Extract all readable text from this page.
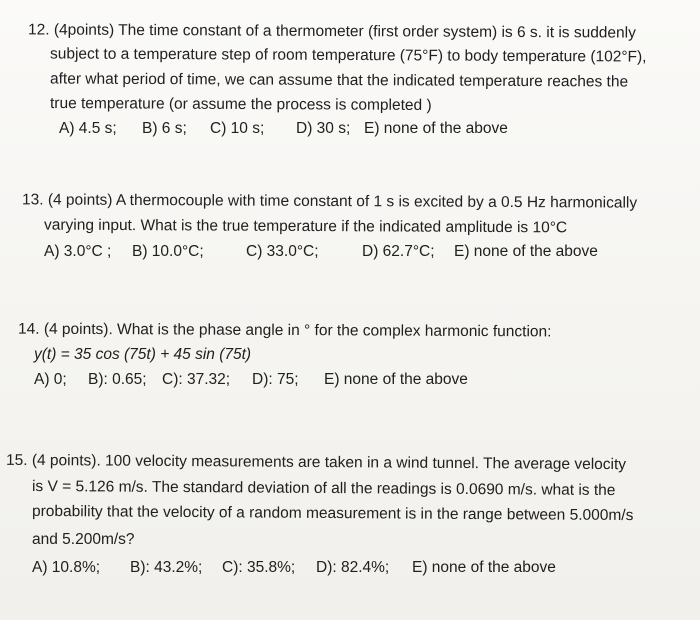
12. (4points) The time constant of a thermometer (first order system) is 6 s. it is suddenly
subject to a temperature step of room temperature (75°F) to body temperature (102°F),
after what period of time, we can assume that the indicated temperature reaches the
true temperature (or assume the process is completed )
A) 4.5 s; B) 6 s; C) 10 s; D) 30 s; E) none of the above
13. (4 points) A thermocouple with time constant of 1 s is excited by a 0.5 Hz harmonically
varying input. What is the true temperature if the indicated amplitude is 10°C
A) 3.0°C ; B) 10.0°C;	C) 33.0°C;	D) 62.7°C; E) none of the above
14. (4 points). What is the phase angle in ° for the complex harmonic function:
y(t) = 35 cos (75t) + 45 sin (75t)
A) 0; B): 0.65; C): 37.32; D): 75; E) none of the above
15. (4 points). 100 velocity measurements are taken in a wind tunnel. The average velocity
is V = 5.126 m/s. The standard deviation of all the readings is 0.0690 m/s. what is the
probability that the velocity of a random measurement is in the range between 5.000m/s
and 5.200m/s?
A) 10.8%; B): 43.2%; C): 35.8%; D): 82.4%; E) none of the above
